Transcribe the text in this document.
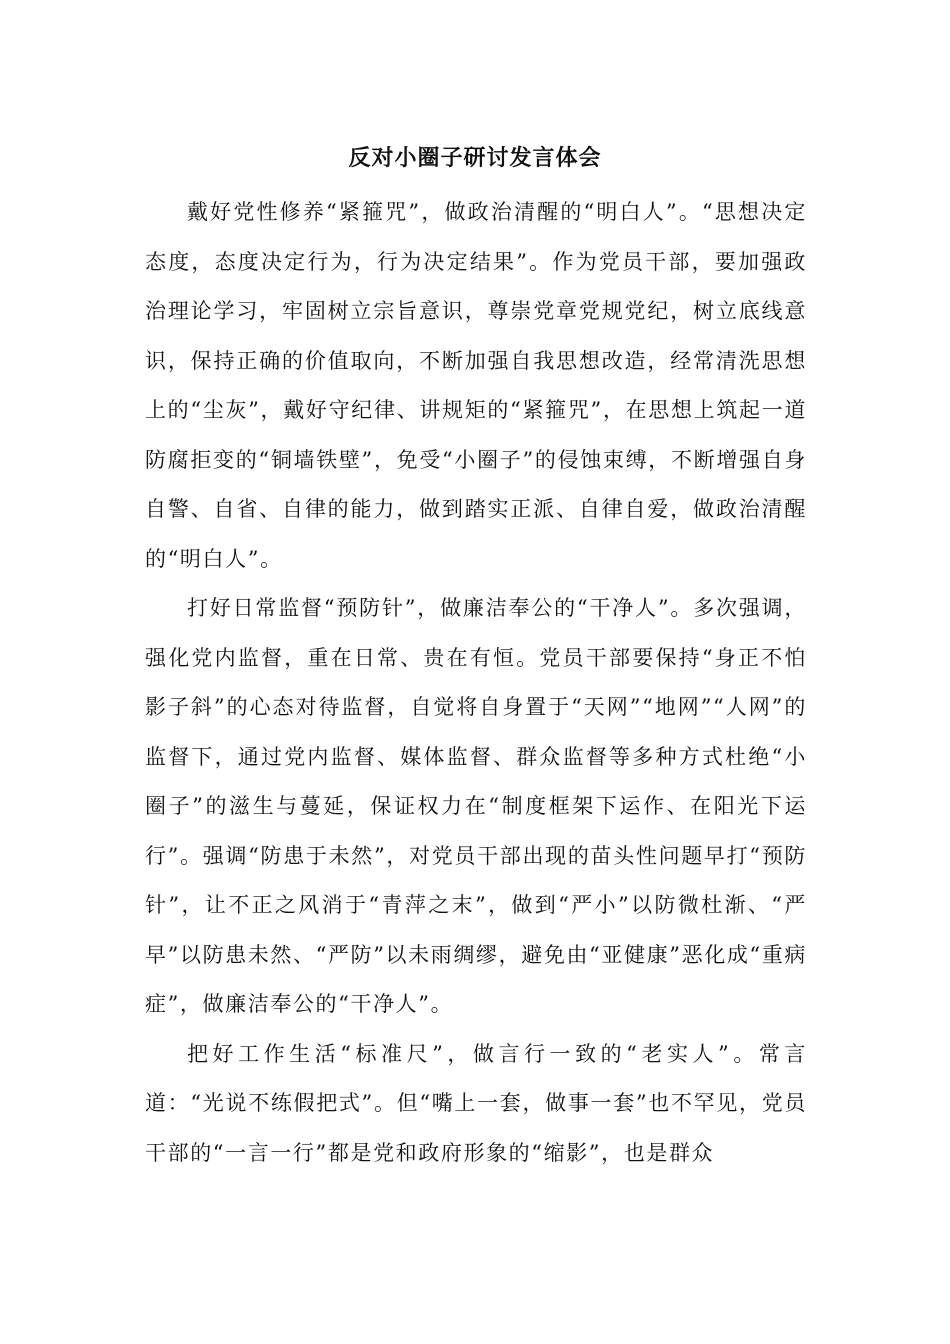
反对小圈子研讨发言体会

戴好党性修养“紧箍咒”，做政治清醒的“明白人”。“思想决定态度，态度决定行为，行为决定结果”。作为党员干部，要加强政治理论学习，牢固树立宗旨意识，尊崇党章党规党纪，树立底线意识，保持正确的价值取向，不断加强自我思想改造，经常清洗思想上的“尘灰”，戴好守纪律、讲规矩的“紧箍咒”，在思想上筑起一道防腐拒变的“铜墙铁壁”，免受“小圈子”的侵蚀束缚，不断增强自身自警、自省、自律的能力，做到踏实正派、自律自爱，做政治清醒的“明白人”。

打好日常监督“预防针”，做廉洁奉公的“干净人”。多次强调，强化党内监督，重在日常、贵在有恒。党员干部要保持“身正不怕影子斜”的心态对待监督，自觉将自身置于“天网”“地网”“人网”的监督下，通过党内监督、媒体监督、群众监督等多种方式杜绝“小圈子”的滋生与蔓延，保证权力在“制度框架下运作、在阳光下运行”。强调“防患于未然”，对党员干部出现的苗头性问题早打“预防针”，让不正之风消于“青萍之末”，做到“严小”以防微杜渐、“严早”以防患未然、“严防”以未雨绸缪，避免由“亚健康”恶化成“重病症”，做廉洁奉公的“干净人”。

把好工作生活“标准尺”，做言行一致的“老实人”。常言道：“光说不练假把式”。但“嘴上一套，做事一套”也不罕见，党员干部的“一言一行”都是党和政府形象的“缩影”，也是群众
